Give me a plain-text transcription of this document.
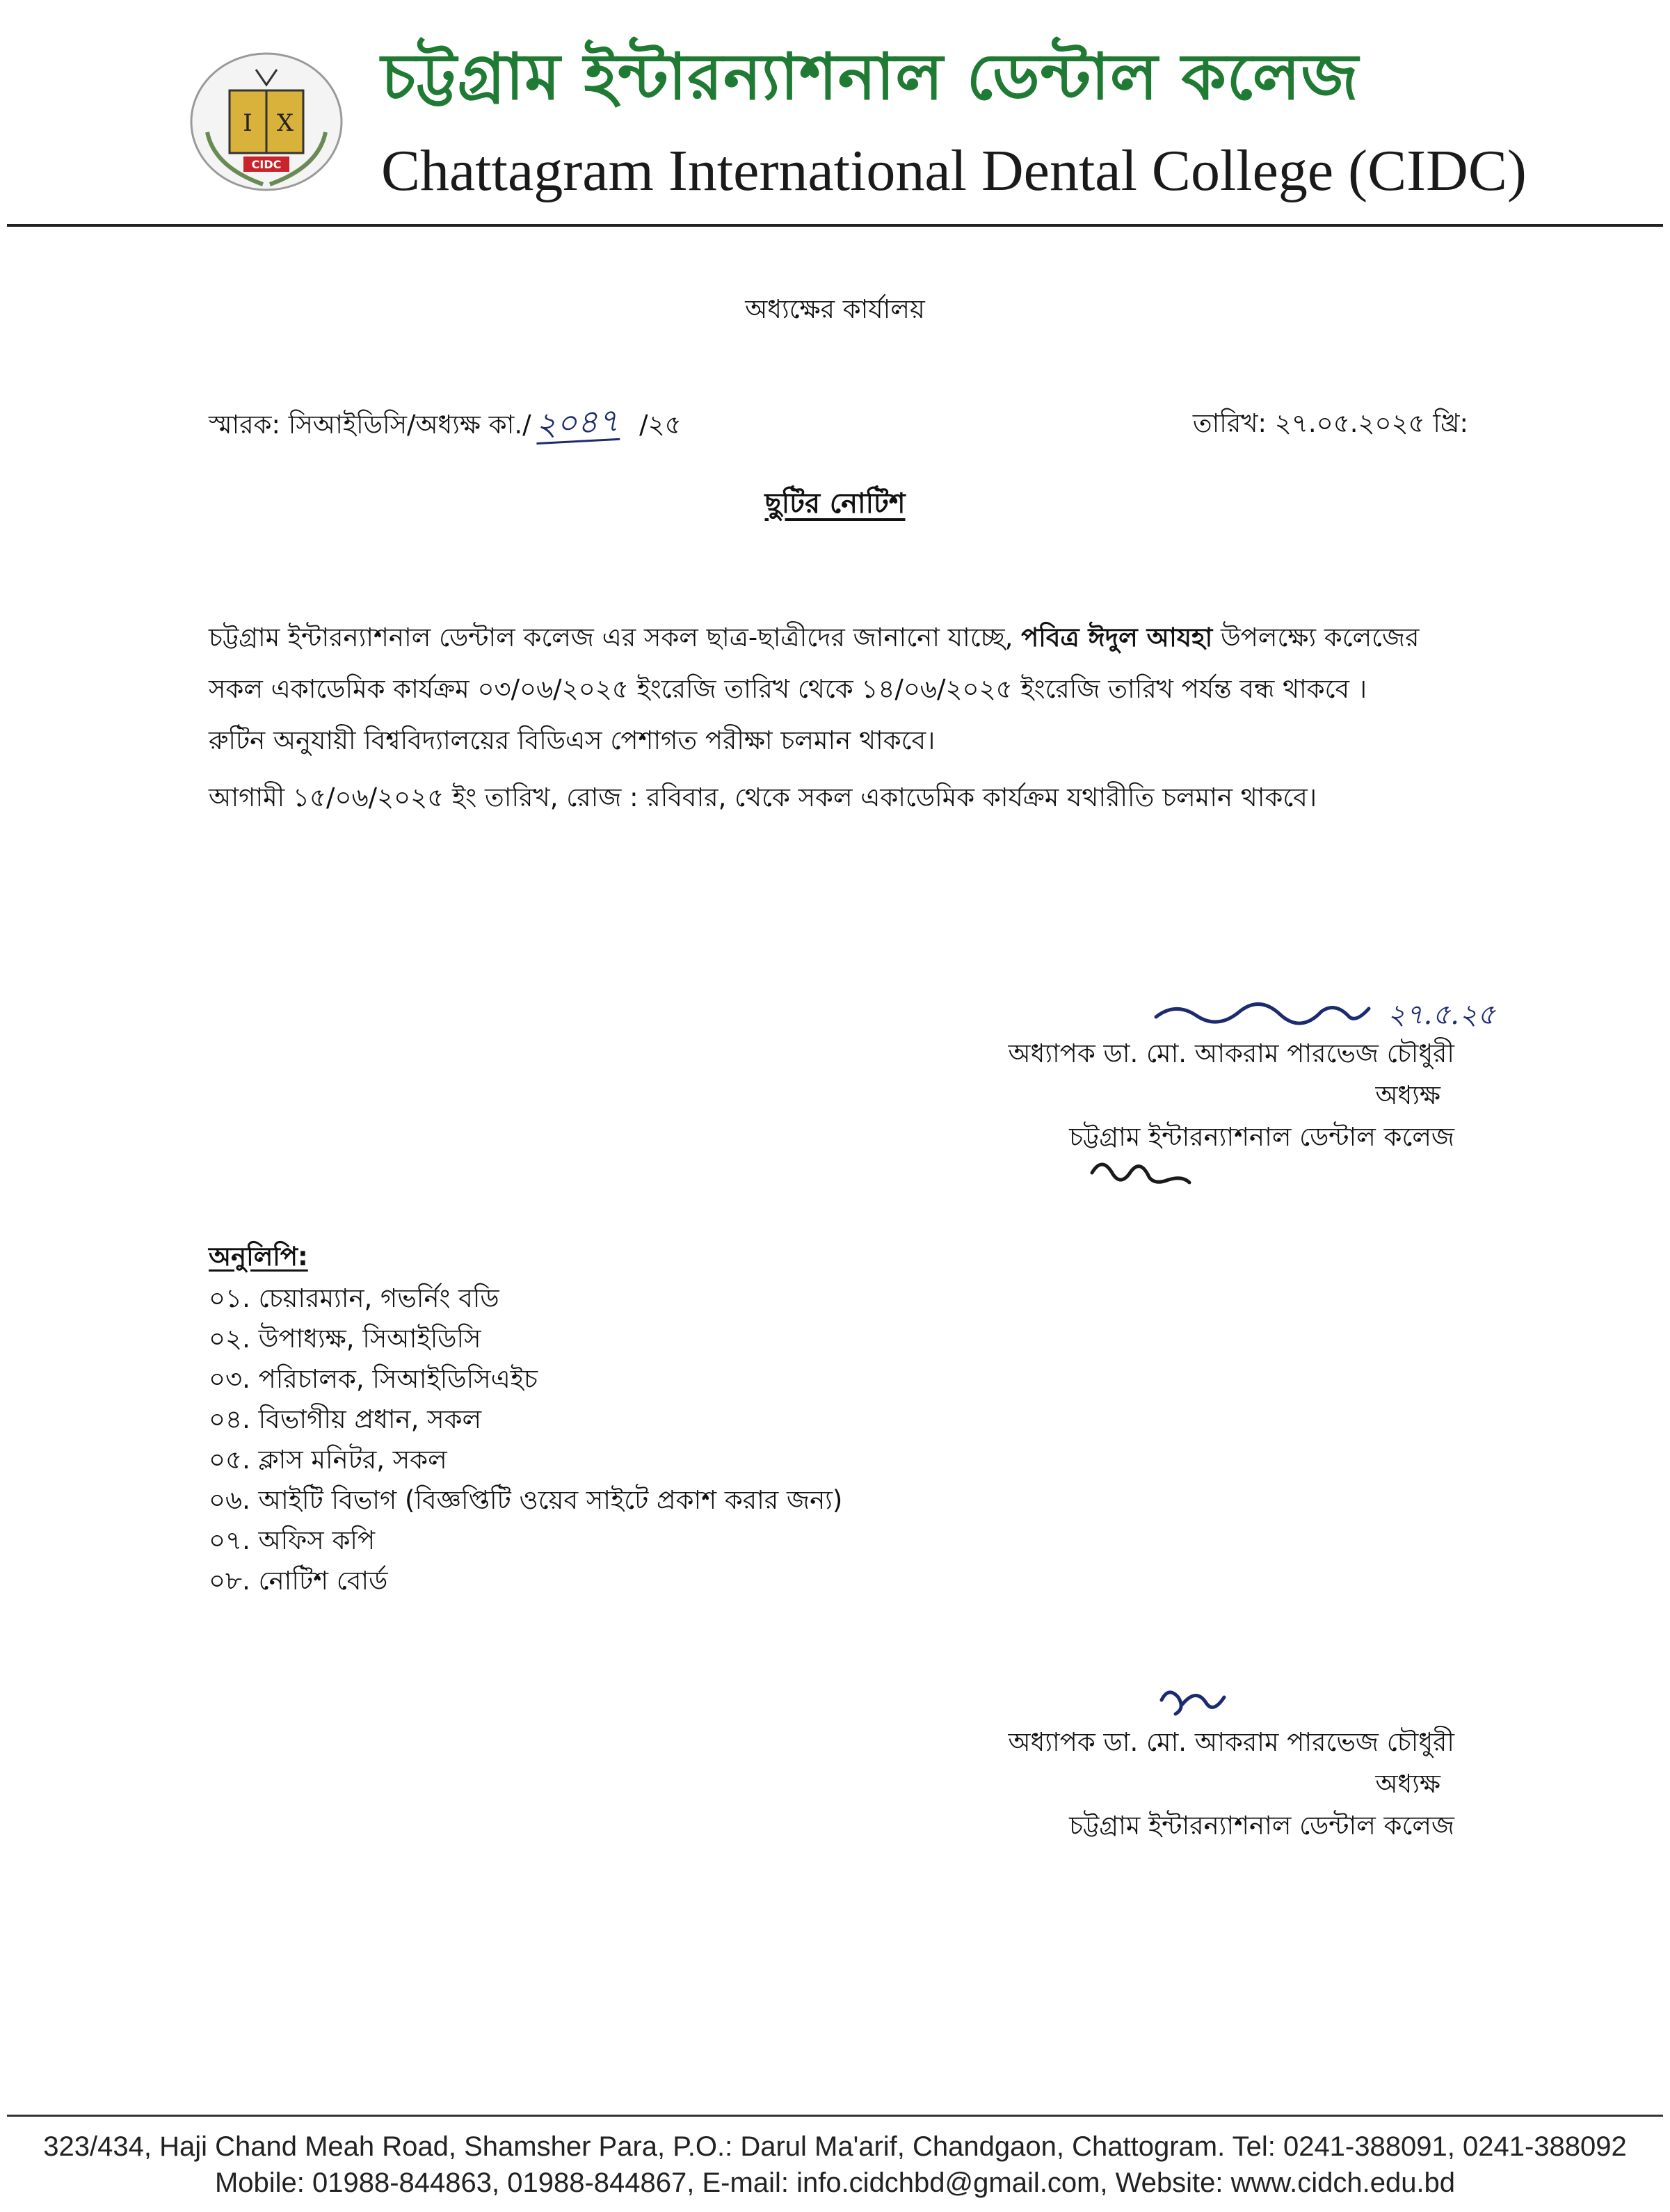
I X
CIDC
চট্টগ্রাম ইন্টারন্যাশনাল ডেন্টাল কলেজ
Chattagram International Dental College (CIDC)
অধ্যক্ষের কার্যালয়
স্মারক: সিআইডিসি/অধ্যক্ষ কা./২০৪৭ /২৫	তারিখ: ২৭.০৫.২০২৫ খ্রি:
ছুটির নোটিশ
চট্টগ্রাম ইন্টারন্যাশনাল ডেন্টাল কলেজ এর সকল ছাত্র-ছাত্রীদের জানানো যাচ্ছে, পবিত্র ঈদুল আযহা উপলক্ষ্যে কলেজের
সকল একাডেমিক কার্যক্রম ০৩/০৬/২০২৫ ইংরেজি তারিখ থেকে ১৪/০৬/২০২৫ ইংরেজি তারিখ পর্যন্ত বন্ধ থাকবে ।
রুটিন অনুযায়ী বিশ্ববিদ্যালয়ের বিডিএস পেশাগত পরীক্ষা চলমান থাকবে।
আগামী ১৫/০৬/২০২৫ ইং তারিখ, রোজ : রবিবার, থেকে সকল একাডেমিক কার্যক্রম যথারীতি চলমান থাকবে।
২৭.৫.২৫
অধ্যাপক ডা. মো. আকরাম পারভেজ চৌধুরী
অধ্যক্ষ
চট্টগ্রাম ইন্টারন্যাশনাল ডেন্টাল কলেজ
অনুলিপি:
০১. চেয়ারম্যান, গভর্নিং বডি
০২. উপাধ্যক্ষ, সিআইডিসি
০৩. পরিচালক, সিআইডিসিএইচ
০৪. বিভাগীয় প্রধান, সকল
০৫. ক্লাস মনিটর, সকল
০৬. আইটি বিভাগ (বিজ্ঞপ্তিটি ওয়েব সাইটে প্রকাশ করার জন্য)
০৭. অফিস কপি
০৮. নোটিশ বোর্ড
অধ্যাপক ডা. মো. আকরাম পারভেজ চৌধুরী
অধ্যক্ষ
চট্টগ্রাম ইন্টারন্যাশনাল ডেন্টাল কলেজ
323/434, Haji Chand Meah Road, Shamsher Para, P.O.: Darul Ma'arif, Chandgaon, Chattogram. Tel: 0241-388091, 0241-388092
Mobile: 01988-844863, 01988-844867, E-mail: info.cidchbd@gmail.com, Website: www.cidch.edu.bd
